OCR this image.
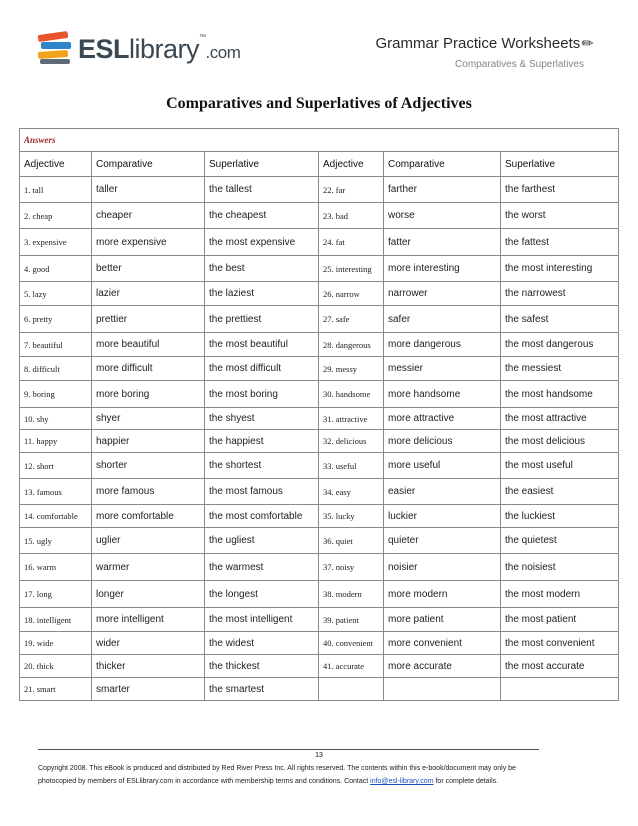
ESLlibrary™.com	Grammar Practice Worksheets✎
Comparatives & Superlatives
Comparatives and Superlatives of Adjectives
Answers					
Adjective	Comparative	Superlative	Adjective	Comparative	Superlative
1. tall	taller	the tallest	22. far	farther	the farthest
2. cheap	cheaper	the cheapest	23. bad	worse	the worst
3. expensive	more expensive	the most expensive	24. fat	fatter	the fattest
4. good	better	the best	25. interesting	more interesting	the most interesting
5. lazy	lazier	the laziest	26. narrow	narrower	the narrowest
6. pretty	prettier	the prettiest	27. safe	safer	the safest
7. beautiful	more beautiful	the most beautiful	28. dangerous	more dangerous	the most dangerous
8. difficult	more difficult	the most difficult	29. messy	messier	the messiest
9. boring	more boring	the most boring	30. handsome	more handsome	the most handsome
10. shy	shyer	the shyest	31. attractive	more attractive	the most attractive
11. happy	happier	the happiest	32. delicious	more delicious	the most delicious
12. short	shorter	the shortest	33. useful	more useful	the most useful
13. famous	more famous	the most famous	34. easy	easier	the easiest
14. comfortable	more comfortable	the most comfortable	35. lucky	luckier	the luckiest
15. ugly	uglier	the ugliest	36. quiet	quieter	the quietest
16. warm	warmer	the warmest	37. noisy	noisier	the noisiest
17. long	longer	the longest	38. modern	more modern	the most modern
18. intelligent	more intelligent	the most intelligent	39. patient	more patient	the most patient
19. wide	wider	the widest	40. convenient	more convenient	the most convenient
20. thick	thicker	the thickest	41. accurate	more accurate	the most accurate
21. smart	smarter	the smartest			
13
Copyright 2008. This eBook is produced and distributed by Red River Press Inc. All rights reserved. The contents within this e-book/document may only be
photocopied by members of ESLlibrary.com in accordance with membership terms and conditions. Contact info@esl-library.com for complete details.
